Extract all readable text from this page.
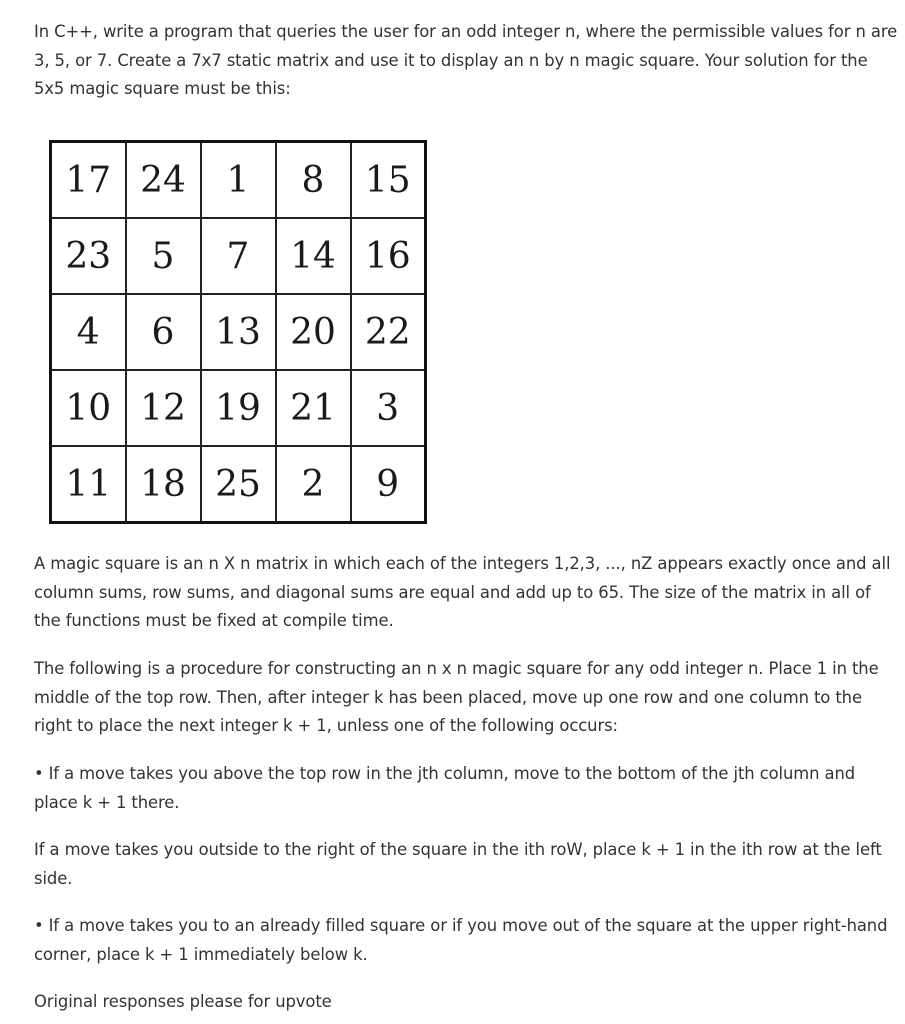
In C++, write a program that queries the user for an odd integer n, where the permissible values for n are 3, 5, or 7. Create a 7x7 static matrix and use it to display an n by n magic square. Your solution for the 5x5 magic square must be this:

17	24	1	8	15
23	5	7	14	16
4	6	13	20	22
10	12	19	21	3
11	18	25	2	9

A magic square is an n X n matrix in which each of the integers 1,2,3, ..., nZ appears exactly once and all column sums, row sums, and diagonal sums are equal and add up to 65. The size of the matrix in all of the functions must be fixed at compile time.

The following is a procedure for constructing an n x n magic square for any odd integer n. Place 1 in the middle of the top row. Then, after integer k has been placed, move up one row and one column to the right to place the next integer k + 1, unless one of the following occurs:

• If a move takes you above the top row in the jth column, move to the bottom of the jth column and place k + 1 there.

If a move takes you outside to the right of the square in the ith roW, place k + 1 in the ith row at the left side.

• If a move takes you to an already filled square or if you move out of the square at the upper right-hand corner, place k + 1 immediately below k.

Original responses please for upvote
